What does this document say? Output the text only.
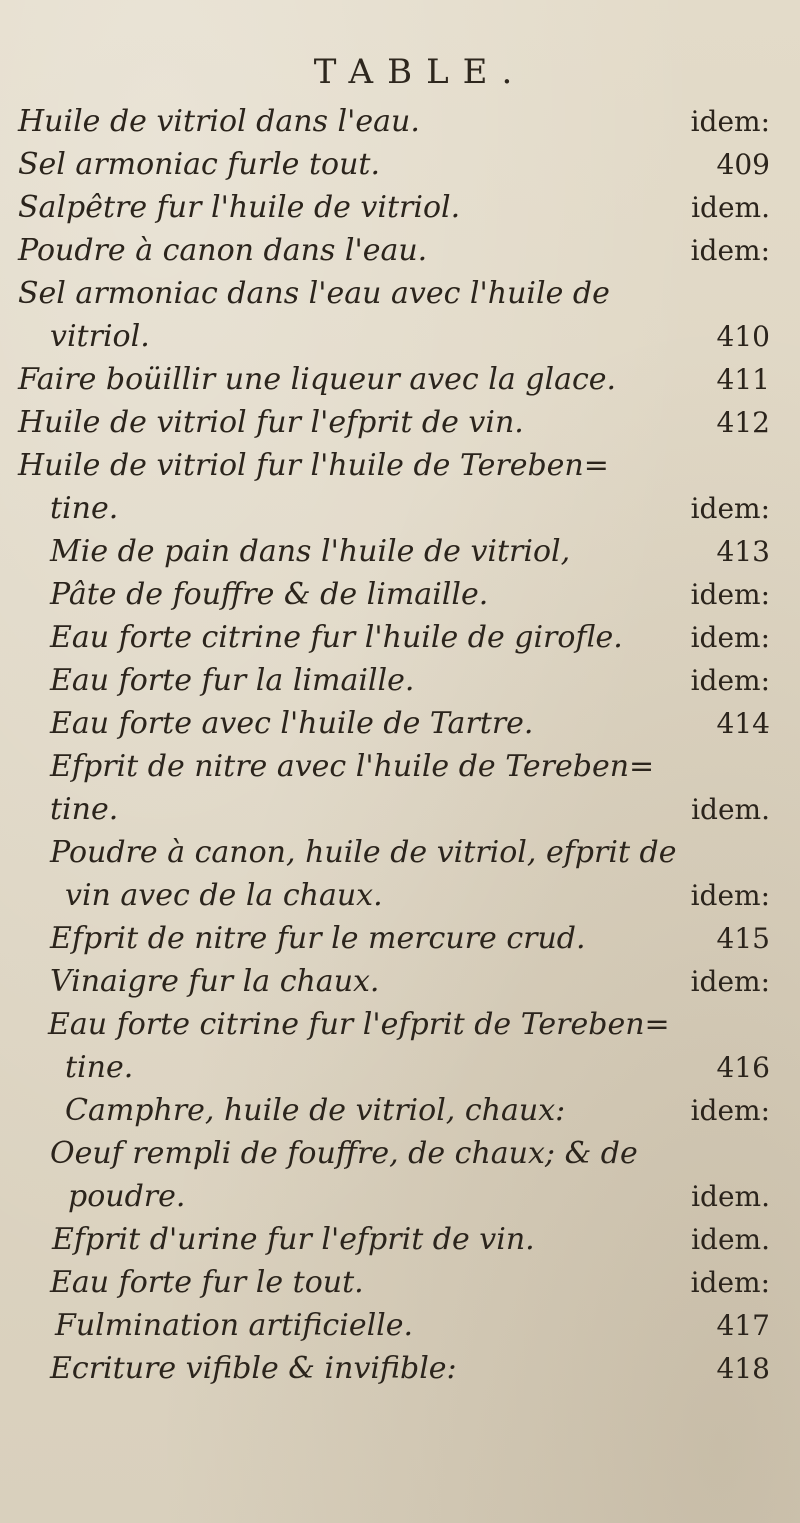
TABLE.
Huile de vitriol dans l'eau.	idem:
Sel armoniac furle tout.	409
Salpêtre fur l'huile de vitriol.	idem.
Poudre à canon dans l'eau.	idem:
Sel armoniac dans l'eau avec l'huile de
vitriol.	410
Faire boüillir une liqueur avec la glace.	411
Huile de vitriol fur l'efprit de vin.	412
Huile de vitriol fur l'huile de Tereben=
tine.	idem:
Mie de pain dans l'huile de vitriol,	413
Pâte de fouffre & de limaille.	idem:
Eau forte citrine fur l'huile de girofle. idem:
Eau forte fur la limaille.	idem:
Eau forte avec l'huile de Tartre.	414
Efprit de nitre avec l'huile de Tereben=
tine.	idem.
Poudre à canon, huile de vitriol, efprit de
vin avec de la chaux.	idem:
Efprit de nitre fur le mercure crud.	415
Vinaigre fur la chaux.	idem:
Eau forte citrine fur l'efprit de Tereben=
tine.	416
Camphre, huile de vitriol, chaux:	idem:
Oeuf rempli de fouffre, de chaux; & de
poudre.	idem.
Efprit d'urine fur l'efprit de vin.	idem.
Eau forte fur le tout.	idem:
Fulmination artificielle.	417
Ecriture vifible & invifible:	418
